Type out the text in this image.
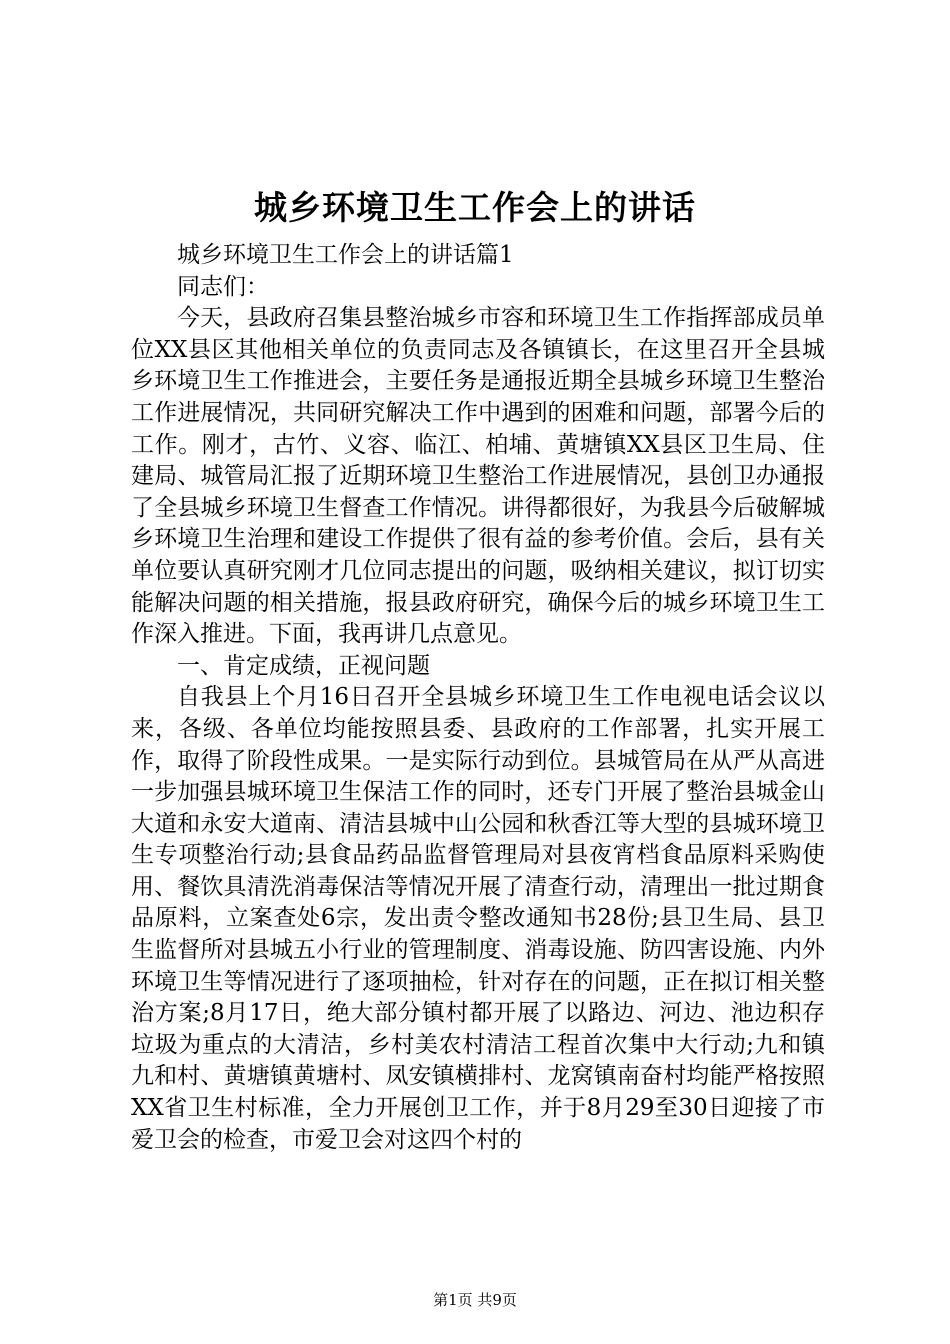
城乡环境卫生工作会上的讲话

城乡环境卫生工作会上的讲话篇1

同志们：

今天，县政府召集县整治城乡市容和环境卫生工作指挥部成员单位XX县区其他相关单位的负责同志及各镇镇长，在这里召开全县城乡环境卫生工作推进会，主要任务是通报近期全县城乡环境卫生整治工作进展情况，共同研究解决工作中遇到的困难和问题，部署今后的工作。刚才，古竹、义容、临江、柏埔、黄塘镇XX县区卫生局、住建局、城管局汇报了近期环境卫生整治工作进展情况，县创卫办通报了全县城乡环境卫生督查工作情况。讲得都很好，为我县今后破解城乡环境卫生治理和建设工作提供了很有益的参考价值。会后，县有关单位要认真研究刚才几位同志提出的问题，吸纳相关建议，拟订切实能解决问题的相关措施，报县政府研究，确保今后的城乡环境卫生工作深入推进。下面，我再讲几点意见。

一、肯定成绩，正视问题

自我县上个月16日召开全县城乡环境卫生工作电视电话会议以来，各级、各单位均能按照县委、县政府的工作部署，扎实开展工作，取得了阶段性成果。一是实际行动到位。县城管局在从严从高进一步加强县城环境卫生保洁工作的同时，还专门开展了整治县城金山大道和永安大道南、清洁县城中山公园和秋香江等大型的县城环境卫生专项整治行动;县食品药品监督管理局对县夜宵档食品原料采购使用、餐饮具清洗消毒保洁等情况开展了清查行动，清理出一批过期食品原料，立案查处6宗，发出责令整改通知书28份;县卫生局、县卫生监督所对县城五小行业的管理制度、消毒设施、防四害设施、内外环境卫生等情况进行了逐项抽检，针对存在的问题，正在拟订相关整治方案;8月17日，绝大部分镇村都开展了以路边、河边、池边积存垃圾为重点的大清洁，乡村美农村清洁工程首次集中大行动;九和镇九和村、黄塘镇黄塘村、凤安镇横排村、龙窝镇南奋村均能严格按照XX省卫生村标准，全力开展创卫工作，并于8月29至30日迎接了市爱卫会的检查，市爱卫会对这四个村的

第1页 共9页
